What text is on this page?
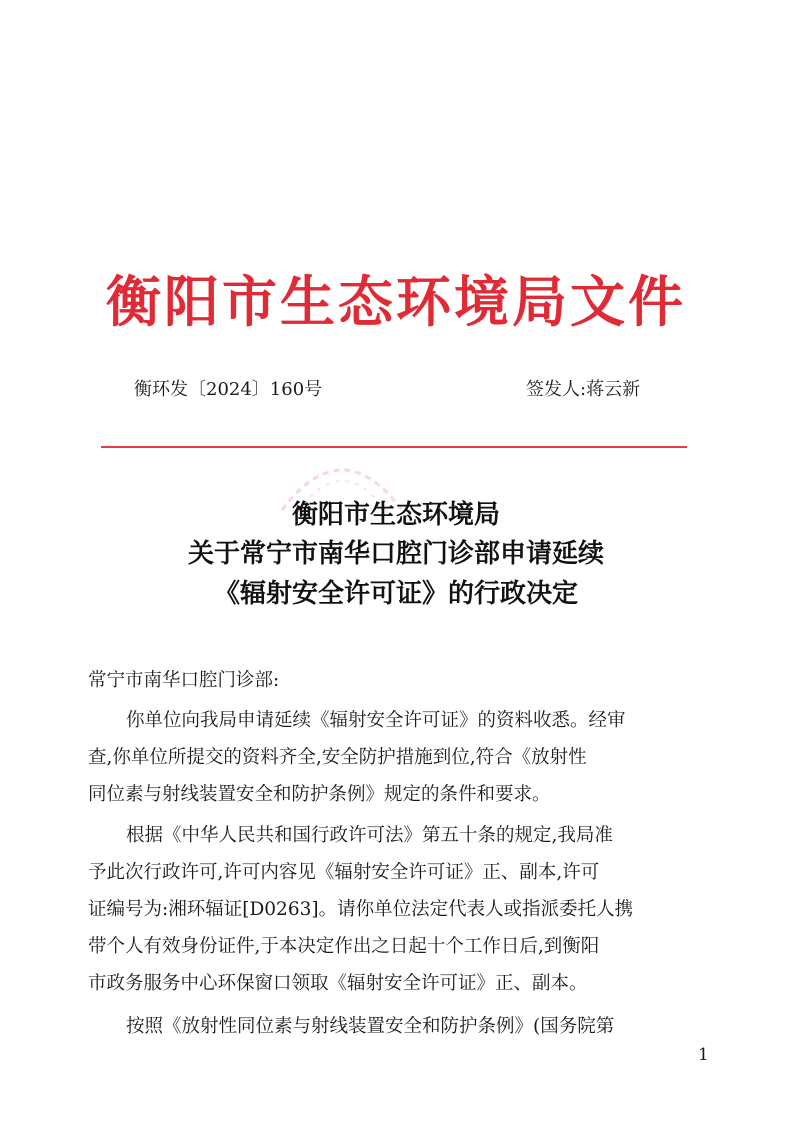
衡阳市生态环境局文件
衡环发〔2024〕160号	签发人:蒋云新
衡阳市生态环境局
关于常宁市南华口腔门诊部申请延续
《辐射安全许可证》的行政决定
常宁市南华口腔门诊部:
你单位向我局申请延续《辐射安全许可证》的资料收悉。经审
查,你单位所提交的资料齐全,安全防护措施到位,符合《放射性
同位素与射线装置安全和防护条例》规定的条件和要求。
根据《中华人民共和国行政许可法》第五十条的规定,我局准
予此次行政许可,许可内容见《辐射安全许可证》正、副本,许可
证编号为:湘环辐证[D0263]。请你单位法定代表人或指派委托人携
带个人有效身份证件,于本决定作出之日起十个工作日后,到衡阳
市政务服务中心环保窗口领取《辐射安全许可证》正、副本。
按照《放射性同位素与射线装置安全和防护条例》(国务院第
1
